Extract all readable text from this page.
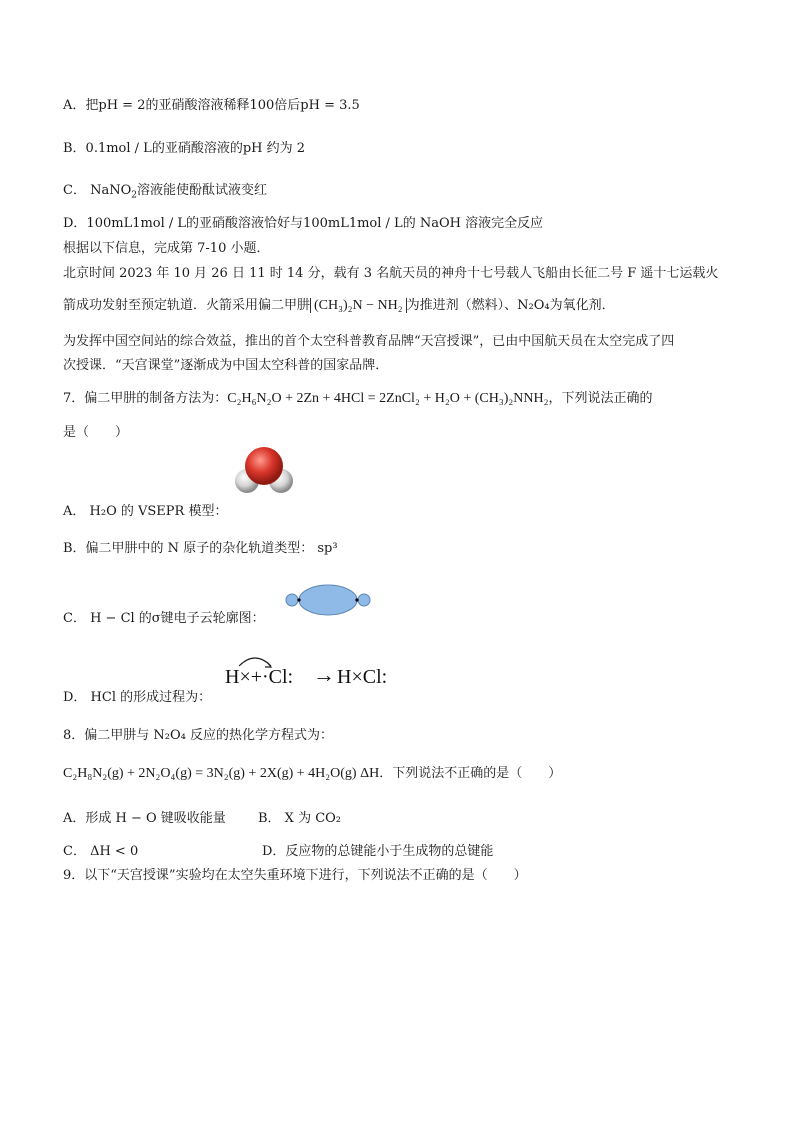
A．把pH = 2的亚硝酸溶液稀释100倍后pH = 3.5
B．0.1mol / L的亚硝酸溶液的pH 约为 2
C． NaNO$_2$溶液能使酚酞试液变红
D．100mL1mol / L的亚硝酸溶液恰好与100mL1mol / L的 NaOH 溶液完全反应
根据以下信息，完成第 7-10 小题．
北京时间 2023 年 10 月 26 日 11 时 14 分，载有 3 名航天员的神舟十七号载人飞船由长征二号 F 遥十七运载火
箭成功发射至预定轨道．火箭采用偏二甲肼 (CH₃)₂N − NH₂ 为推进剂（燃料）、N₂O₄为氧化剂．
为发挥中国空间站的综合效益，推出的首个太空科普教育品牌“天宫授课”，已由中国航天员在太空完成了四
次授课．“天宫课堂”逐渐成为中国太空科普的国家品牌．
7．偏二甲肼的制备方法为：C₂H₆N₂O + 2Zn + 4HCl = 2ZnCl₂ + H₂O + (CH₃)₂NNH₂，下列说法正确的
是（　　）
A． H₂O 的 VSEPR 模型：
B．偏二甲肼中的 N 原子的杂化轨道类型： sp³
C． H − Cl 的σ键电子云轮廓图：
H×+·Cl: → H×Cl:
D． HCl 的形成过程为：
8．偏二甲肼与 N₂O₄ 反应的热化学方程式为：
C₂H₈N₂(g) + 2N₂O₄(g) = 3N₂(g) + 2X(g) + 4H₂O(g) ΔH．下列说法不正确的是（　　）
A．形成 H − O 键吸收能量 B． X 为 CO₂
C． ΔH < 0	D．反应物的总键能小于生成物的总键能
9．以下“天宫授课”实验均在太空失重环境下进行，下列说法不正确的是（　　）
